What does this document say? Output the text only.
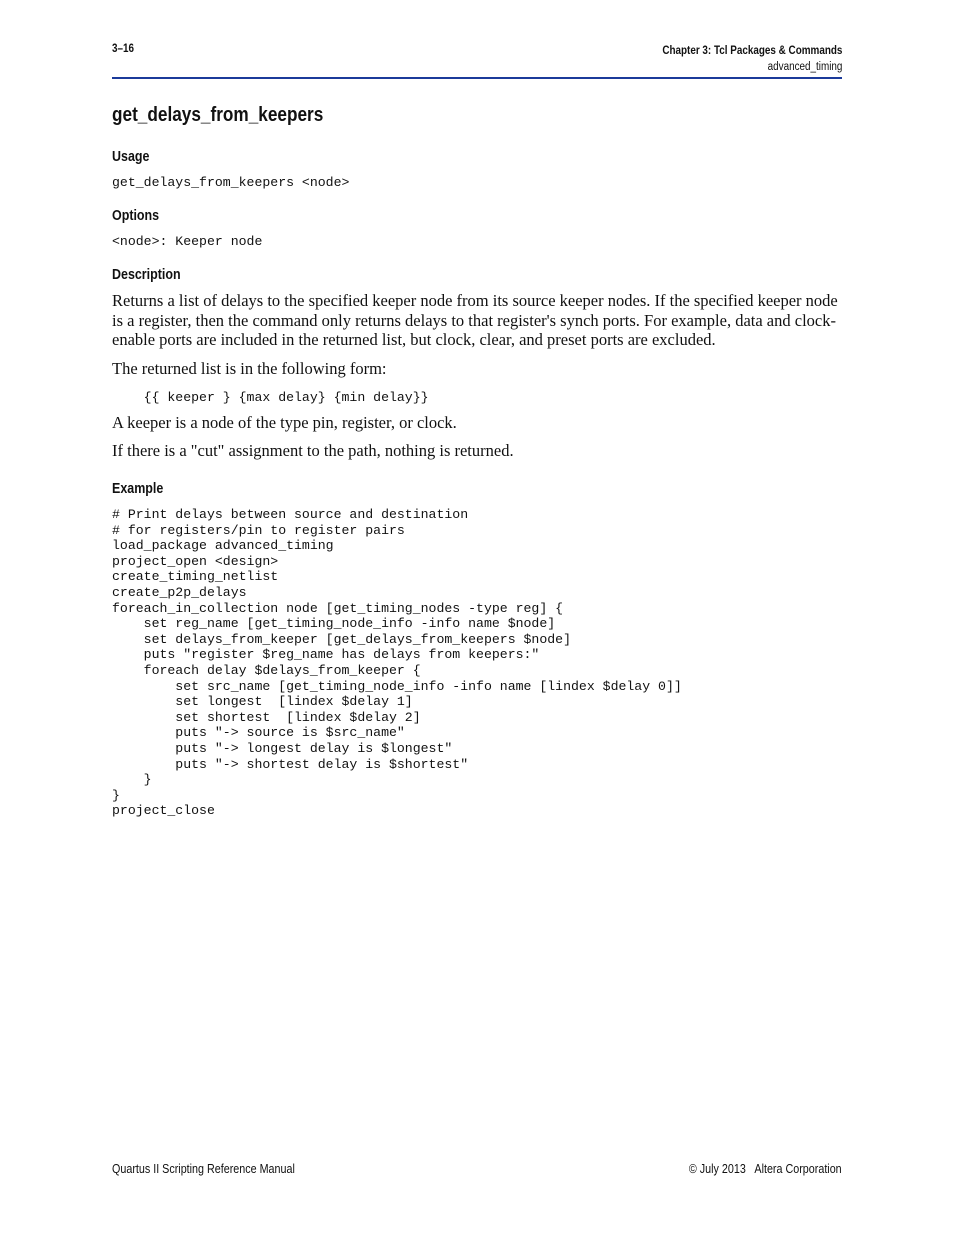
3–16	Chapter 3: Tcl Packages & Commands
advanced_timing
get_delays_from_keepers
Usage
get_delays_from_keepers <node>
Options
<node>: Keeper node
Description

Returns a list of delays to the specified keeper node from its source keeper nodes. If the specified keeper node is a register, then the command only returns delays to that register's synch ports. For example, data and clock-enable ports are included in the returned list, but clock, clear, and preset ports are excluded.

The returned list is in the following form:

{{ keeper } {max delay} {min delay}}

A keeper is a node of the type pin, register, or clock.

If there is a "cut" assignment to the path, nothing is returned.

Example
# Print delays between source and destination
# for registers/pin to register pairs
load_package advanced_timing
project_open <design>
create_timing_netlist
create_p2p_delays
foreach_in_collection node [get_timing_nodes -type reg] {
set reg_name [get_timing_node_info -info name $node]
set delays_from_keeper [get_delays_from_keepers $node]
puts "register $reg_name has delays from keepers:"
foreach delay $delays_from_keeper {
set src_name [get_timing_node_info -info name [lindex $delay 0]]
set longest  [lindex $delay 1]
set shortest  [lindex $delay 2]
puts "-> source is $src_name"
puts "-> longest delay is $longest"
puts "-> shortest delay is $shortest"
}
}
project_close
Quartus II Scripting Reference Manual	© July 2013 Altera Corporation
